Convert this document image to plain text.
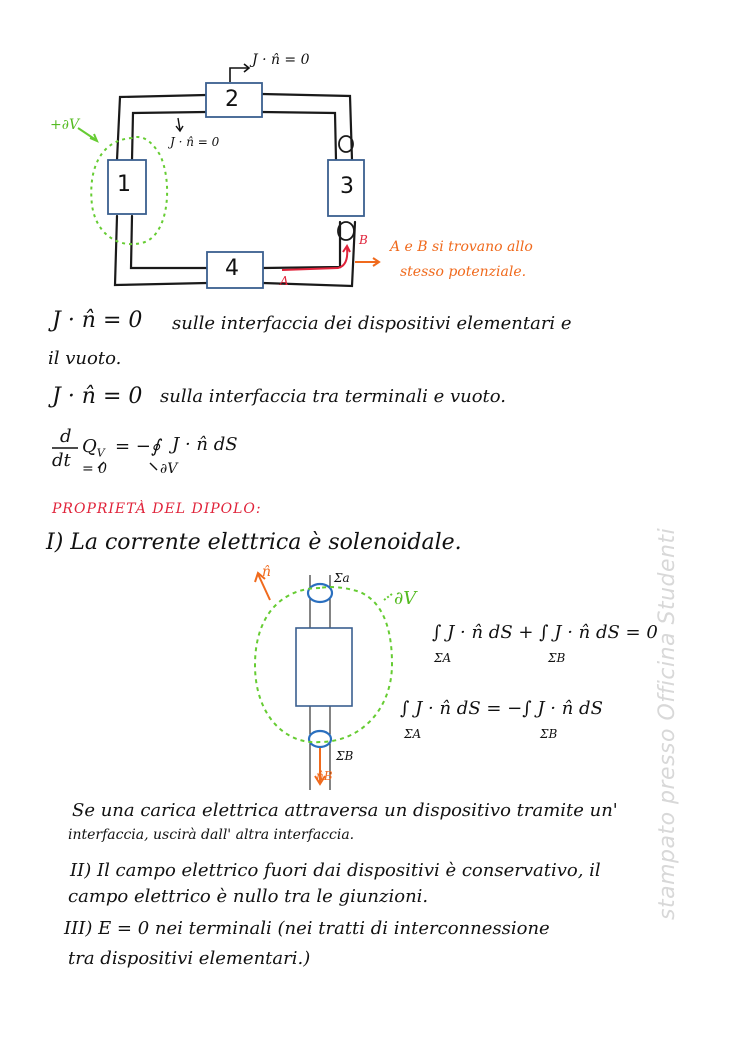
1
2
3
4
J · n̂ = 0
J · n̂ = 0
+∂V
A
B A e B si trovano allo
stesso potenziale.
J · n̂ = 0 sulle interfaccia dei dispositivi elementari e
il vuoto.
J · n̂ = 0 sulla interfaccia tra terminali e vuoto.
d
dt
$Q_V$ = −∮ J · n̂ dS
= 0	∂V
PROPRIETÀ DEL DIPOLO:
I) La corrente elettrica è solenoidale.
n̂	Σa
∂V
ΣB
n̂B
∫ J · n̂ dS + ∫ J · n̂ dS = 0
ΣA	ΣB
∫ J · n̂ dS = −∫ J · n̂ dS
ΣA	ΣB
Se una carica elettrica attraversa un dispositivo tramite un'
interfaccia, uscirà dall' altra interfaccia.
II) Il campo elettrico fuori dai dispositivi è conservativo, il
campo elettrico è nullo tra le giunzioni.
III) E = 0 nei terminali (nei tratti di interconnessione
tra dispositivi elementari.)
stampato presso Officina Studenti
